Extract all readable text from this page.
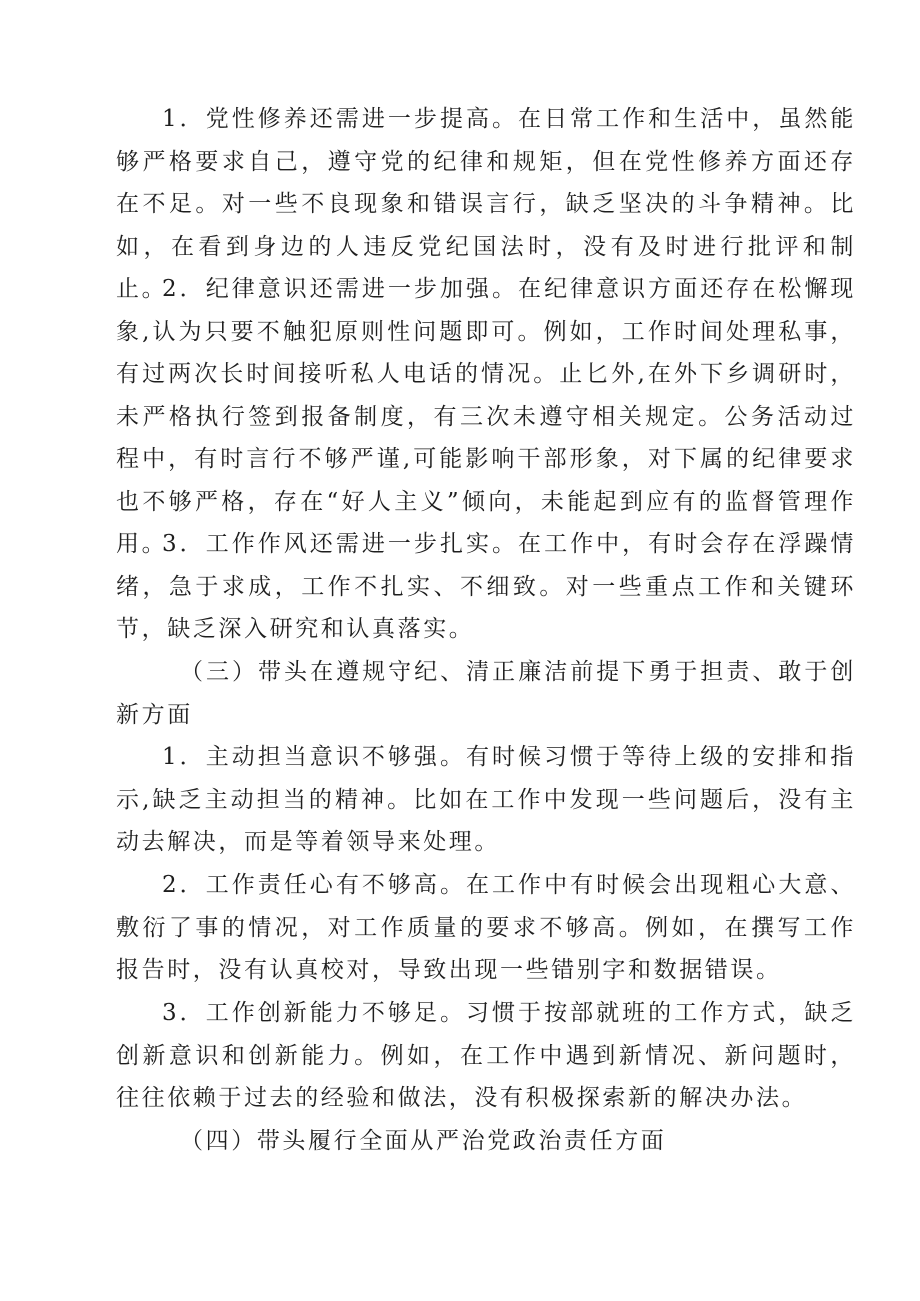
1．党性修养还需进一步提高。在日常工作和生活中，虽然能够严格要求自己，遵守党的纪律和规矩，但在党性修养方面还存在不足。对一些不良现象和错误言行，缺乏坚决的斗争精神。比如，在看到身边的人违反党纪国法时，没有及时进行批评和制止。

2．纪律意识还需进一步加强。在纪律意识方面还存在松懈现象,认为只要不触犯原则性问题即可。例如，工作时间处理私事，有过两次长时间接听私人电话的情况。止匕外,在外下乡调研时，未严格执行签到报备制度，有三次未遵守相关规定。公务活动过程中，有时言行不够严谨,可能影响干部形象，对下属的纪律要求也不够严格，存在“好人主义”倾向，未能起到应有的监督管理作用。

3．工作作风还需进一步扎实。在工作中，有时会存在浮躁情绪，急于求成，工作不扎实、不细致。对一些重点工作和关键环节，缺乏深入研究和认真落实。

（三）带头在遵规守纪、清正廉洁前提下勇于担责、敢于创新方面

1．主动担当意识不够强。有时候习惯于等待上级的安排和指示,缺乏主动担当的精神。比如在工作中发现一些问题后，没有主动去解决，而是等着领导来处理。

2．工作责任心有不够高。在工作中有时候会出现粗心大意、敷衍了事的情况，对工作质量的要求不够高。例如，在撰写工作报告时，没有认真校对，导致出现一些错别字和数据错误。

3．工作创新能力不够足。习惯于按部就班的工作方式，缺乏创新意识和创新能力。例如，在工作中遇到新情况、新问题时，往往依赖于过去的经验和做法，没有积极探索新的解决办法。

（四）带头履行全面从严治党政治责任方面
